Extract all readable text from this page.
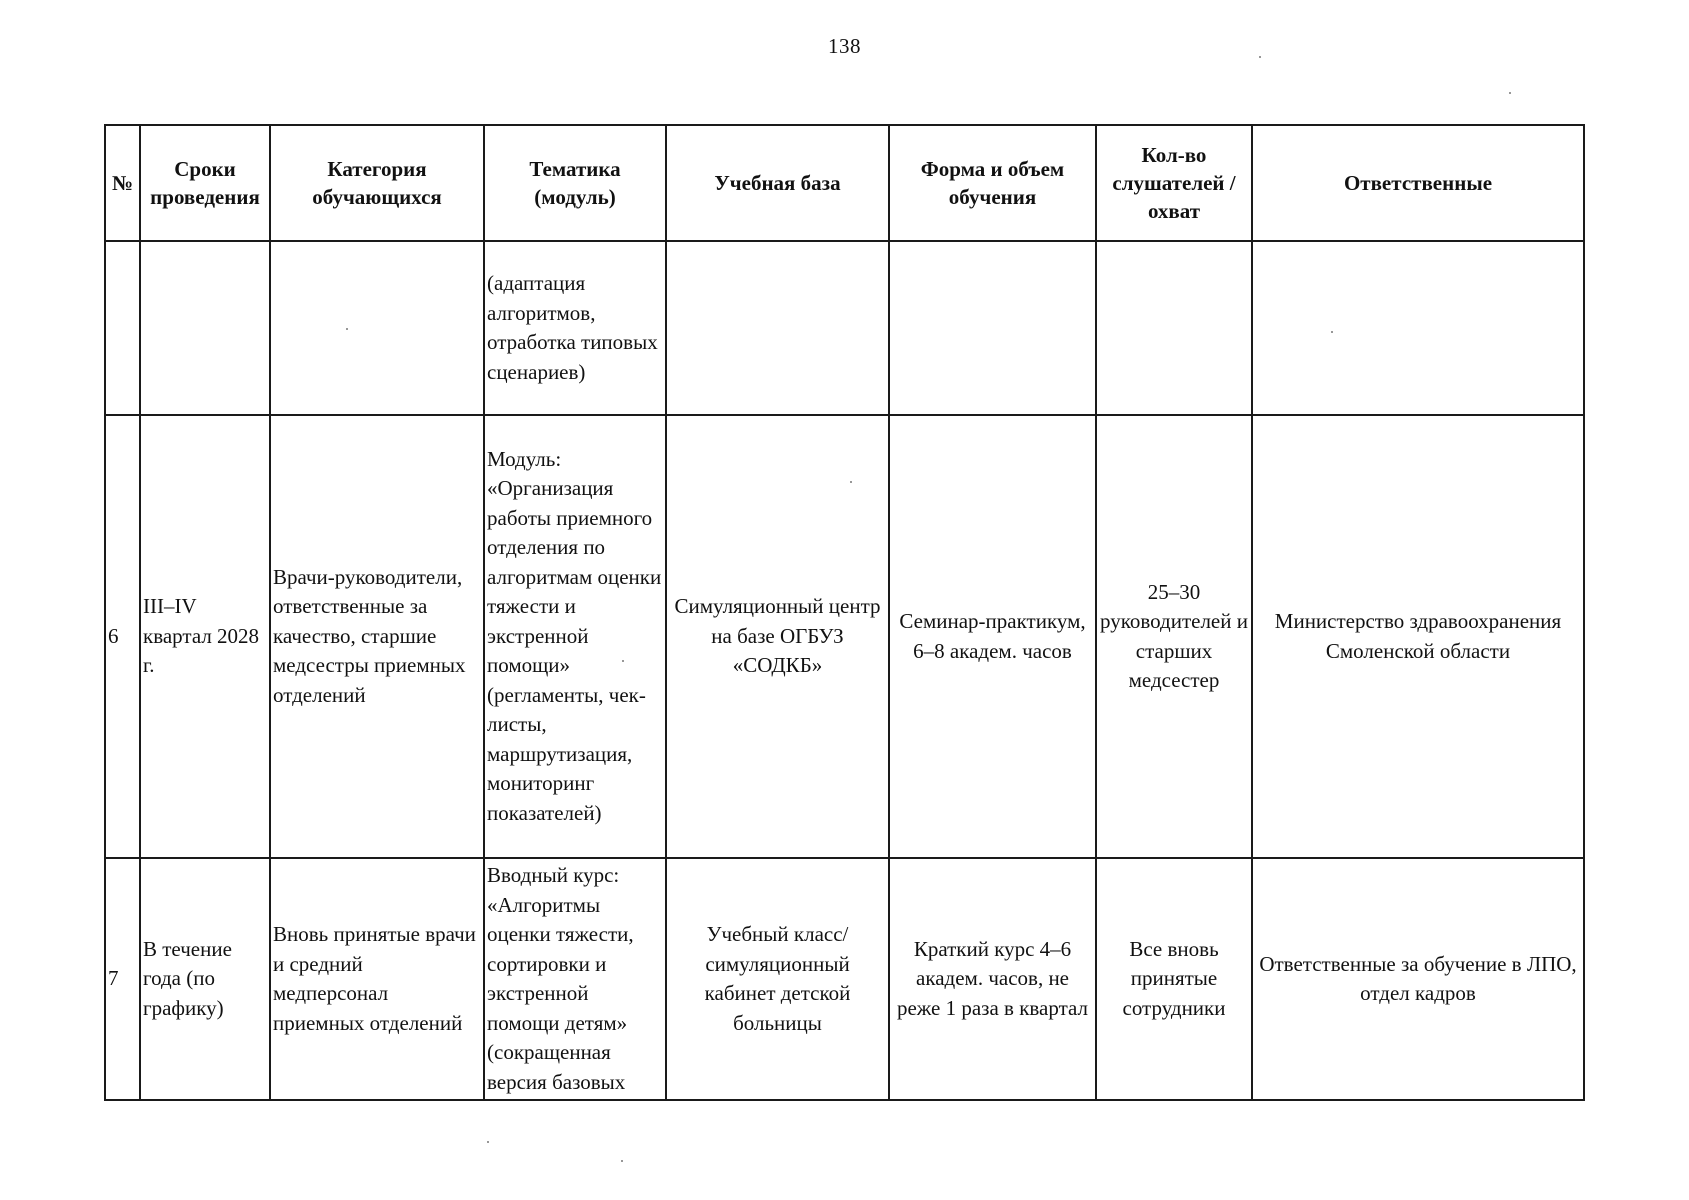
138
№	Сроки проведения	Категория обучающихся	Тематика (модуль)	Учебная база	Форма и объем обучения	Кол-во слушателей / охват	Ответственные
			(адаптация алгоритмов, отработка типовых сценариев)				
6	III–IV квартал 2028 г.	Врачи-руководители, ответственные за качество, старшие медсестры приемных отделений	Модуль: «Организация работы приемного отделения по алгоритмам оценки тяжести и экстренной помощи» (регламенты, чек-листы, маршрутизация, мониторинг показателей)	Симуляционный центр на базе ОГБУЗ «СОДКБ»	Семинар-практикум, 6–8 академ. часов	25–30 руководителей и старших медсестер	Министерство здравоохранения Смоленской области
7	В течение года (по графику)	Вновь принятые врачи и средний медперсонал приемных отделений	Вводный курс: «Алгоритмы оценки тяжести, сортировки и экстренной помощи детям» (сокращенная версия базовых	Учебный класс/симуляционный кабинет детской больницы	Краткий курс 4–6 академ. часов, не реже 1 раза в квартал	Все вновь принятые сотрудники	Ответственные за обучение в ЛПО, отдел кадров
